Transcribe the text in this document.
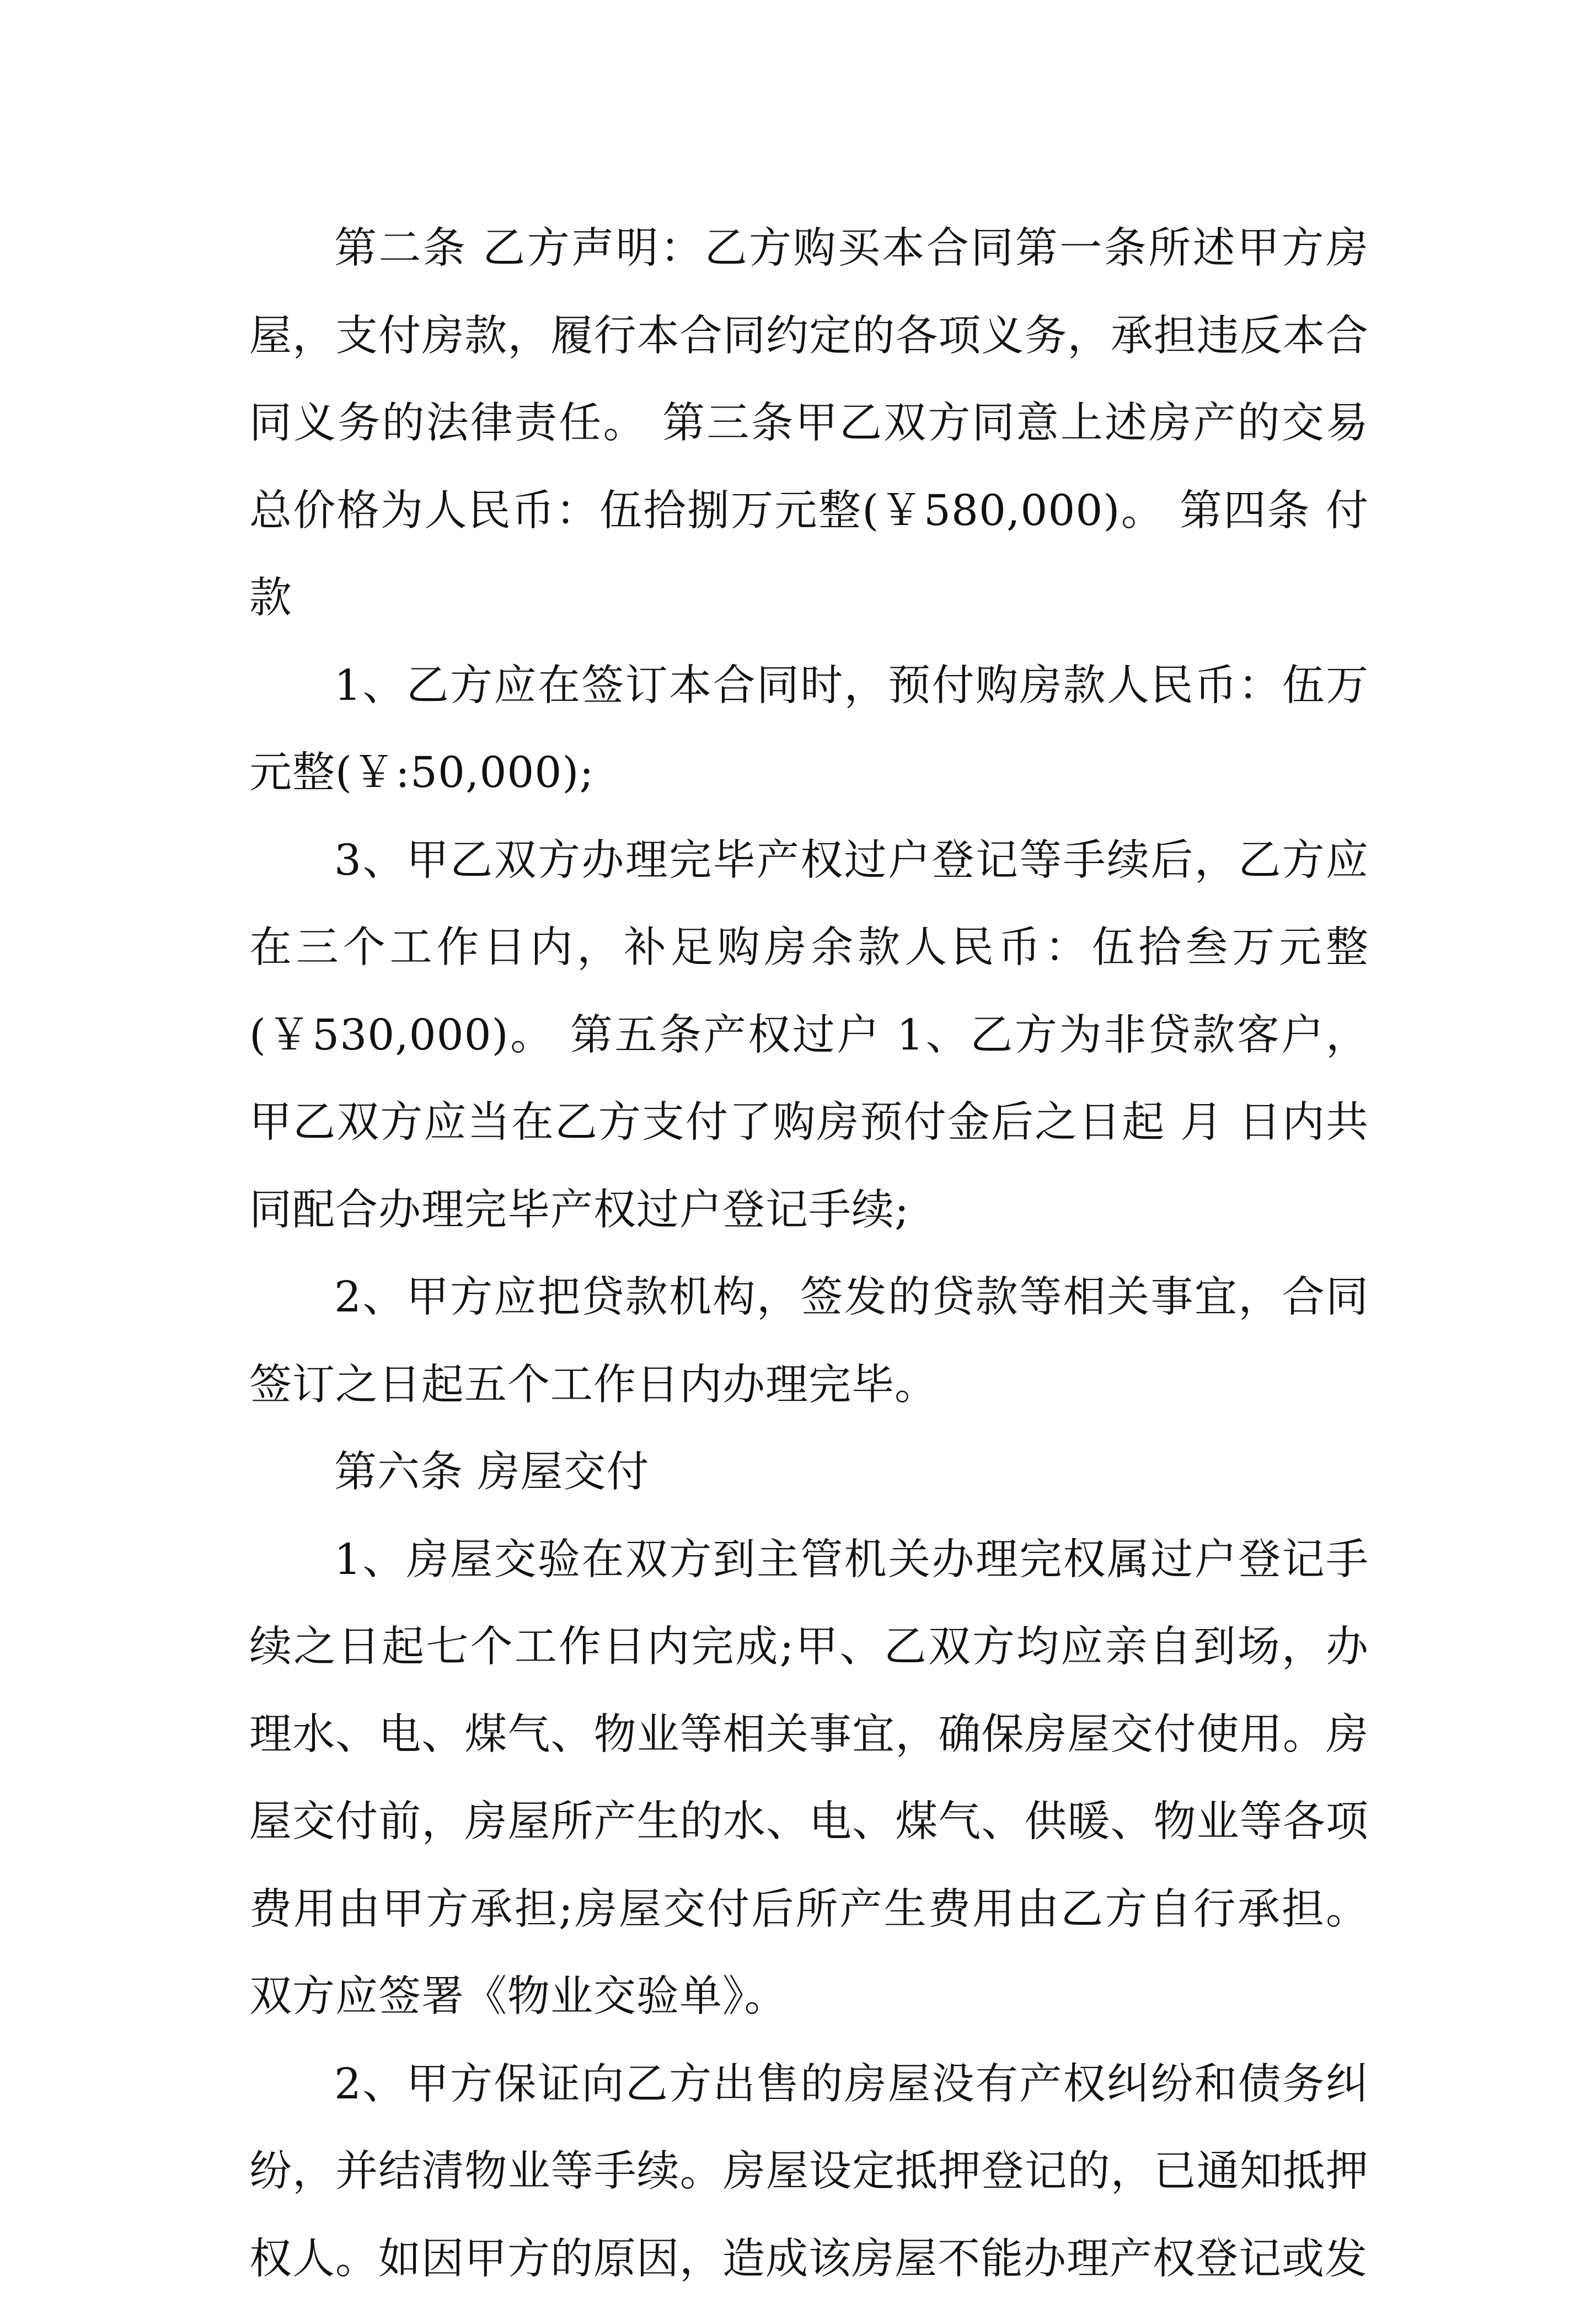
第二条 乙方声明：乙方购买本合同第一条所述甲方房屋，支付房款，履行本合同约定的各项义务，承担违反本合同义务的法律责任。 第三条甲乙双方同意上述房产的交易总价格为人民币：伍拾捌万元整(￥580,000)。 第四条 付款

1、乙方应在签订本合同时，预付购房款人民币：伍万元整(￥:50,000);

3、甲乙双方办理完毕产权过户登记等手续后，乙方应在三个工作日内，补足购房余款人民币：伍拾叁万元整(￥530,000)。 第五条产权过户 1、乙方为非贷款客户，甲乙双方应当在乙方支付了购房预付金后之日起 月 日内共同配合办理完毕产权过户登记手续;

2、甲方应把贷款机构，签发的贷款等相关事宜，合同签订之日起五个工作日内办理完毕。

第六条 房屋交付

1、房屋交验在双方到主管机关办理完权属过户登记手续之日起七个工作日内完成;甲、乙双方均应亲自到场，办理水、电、煤气、物业等相关事宜，确保房屋交付使用。房屋交付前，房屋所产生的水、电、煤气、供暖、物业等各项费用由甲方承担;房屋交付后所产生费用由乙方自行承担。双方应签署《物业交验单》。

2、甲方保证向乙方出售的房屋没有产权纠纷和债务纠纷，并结清物业等手续。房屋设定抵押登记的，已通知抵押权人。如因甲方的原因，造成该房屋不能办理产权登记或发
